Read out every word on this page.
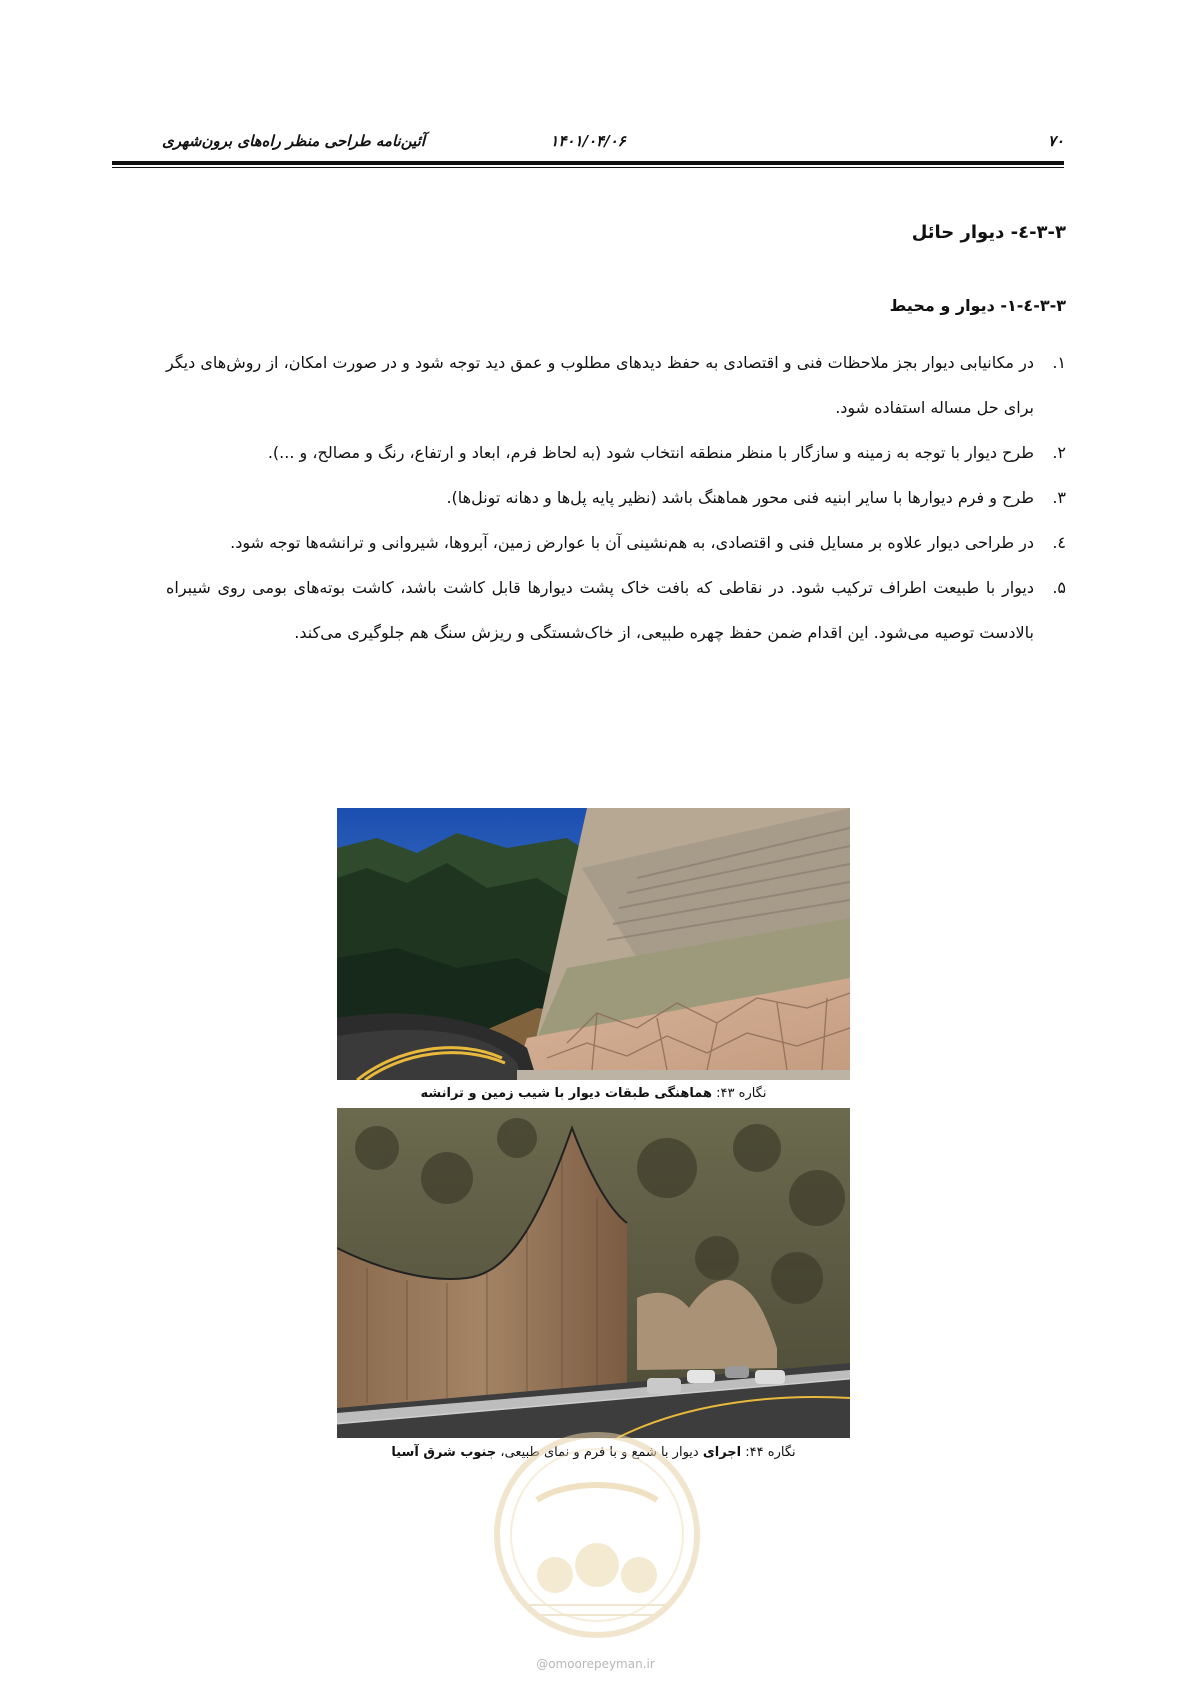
۷۰
۱۴۰۱/۰۴/۰۶
آئین‌نامه طراحی منظر راه‌های برون‌شهری
۳-۳-٤- دیوار حائل
۳-۳-٤-۱- دیوار و محیط
۱.
در مکانیابی دیوار بجز ملاحظات فنی و اقتصادی به حفظ دیدهای مطلوب و عمق دید توجه شود و در صورت امکان، از روش‌های دیگر برای حل مساله استفاده شود.
۲.
طرح دیوار با توجه به زمینه و سازگار با منظر منطقه انتخاب شود (به لحاظ فرم، ابعاد و ارتفاع، رنگ و مصالح، و ...).
۳.
طرح و فرم دیوارها با سایر ابنیه فنی محور هماهنگ باشد (نظیر پایه پل‌ها و دهانه تونل‌ها).
٤.
در طراحی دیوار علاوه بر مسایل فنی و اقتصادی، به هم‌نشینی آن با عوارض زمین، آبروها، شیروانی و ترانشه‌ها توجه شود.
۵.
دیوار با طبیعت اطراف ترکیب شود. در نقاطی که بافت خاک پشت دیوارها قابل کاشت باشد، کاشت بوته‌های بومی روی شیبراه بالادست توصیه می‌شود. این اقدام ضمن حفظ چهره طبیعی، از خاک‌شستگی و ریزش سنگ هم جلوگیری می‌کند.
نگاره ۴۳: هماهنگی طبقات دیوار با شیب زمین و ترانشه
نگاره ۴۴: اجرای دیوار با شمع و با فرم و نمای طبیعی، جنوب شرق آسیا
@omoorepeyman.ir
